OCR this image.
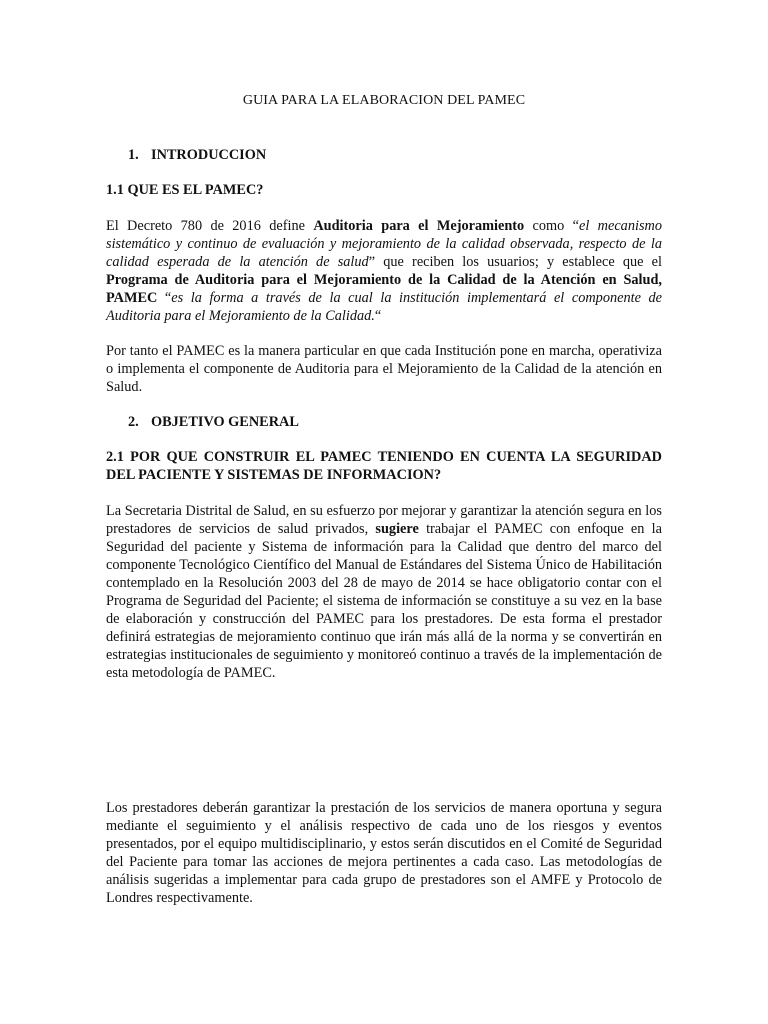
GUIA PARA LA ELABORACION DEL PAMEC
1. INTRODUCCION
1.1 QUE ES EL PAMEC?

El Decreto 780 de 2016 define Auditoria para el Mejoramiento como “el mecanismo sistemático y continuo de evaluación y mejoramiento de la calidad observada, respecto de la calidad esperada de la atención de salud” que reciben los usuarios; y establece que el Programa de Auditoria para el Mejoramiento de la Calidad de la Atención en Salud, PAMEC “es la forma a través de la cual la institución implementará el componente de Auditoria para el Mejoramiento de la Calidad.“

Por tanto el PAMEC es la manera particular en que cada Institución pone en marcha, operativiza o implementa el componente de Auditoria para el Mejoramiento de la Calidad de la atención en Salud.

2. OBJETIVO GENERAL
2.1 POR QUE CONSTRUIR EL PAMEC TENIENDO EN CUENTA LA SEGURIDAD DEL PACIENTE Y SISTEMAS DE INFORMACION?

La Secretaria Distrital de Salud, en su esfuerzo por mejorar y garantizar la atención segura en los prestadores de servicios de salud privados, sugiere trabajar el PAMEC con enfoque en la Seguridad del paciente y Sistema de información para la Calidad que dentro del marco del componente Tecnológico Científico del Manual de Estándares del Sistema Único de Habilitación contemplado en la Resolución 2003 del 28 de mayo de 2014 se hace obligatorio contar con el Programa de Seguridad del Paciente; el sistema de información se constituye a su vez en la base de elaboración y construcción del PAMEC para los prestadores. De esta forma el prestador definirá estrategias de mejoramiento continuo que irán más allá de la norma y se convertirán en estrategias institucionales de seguimiento y monitoreó continuo a través de la implementación de esta metodología de PAMEC.

Los prestadores deberán garantizar la prestación de los servicios de manera oportuna y segura mediante el seguimiento y el análisis respectivo de cada uno de los riesgos y eventos presentados, por el equipo multidisciplinario, y estos serán discutidos en el Comité de Seguridad del Paciente para tomar las acciones de mejora pertinentes a cada caso. Las metodologías de análisis sugeridas a implementar para cada grupo de prestadores son el AMFE y Protocolo de Londres respectivamente.
